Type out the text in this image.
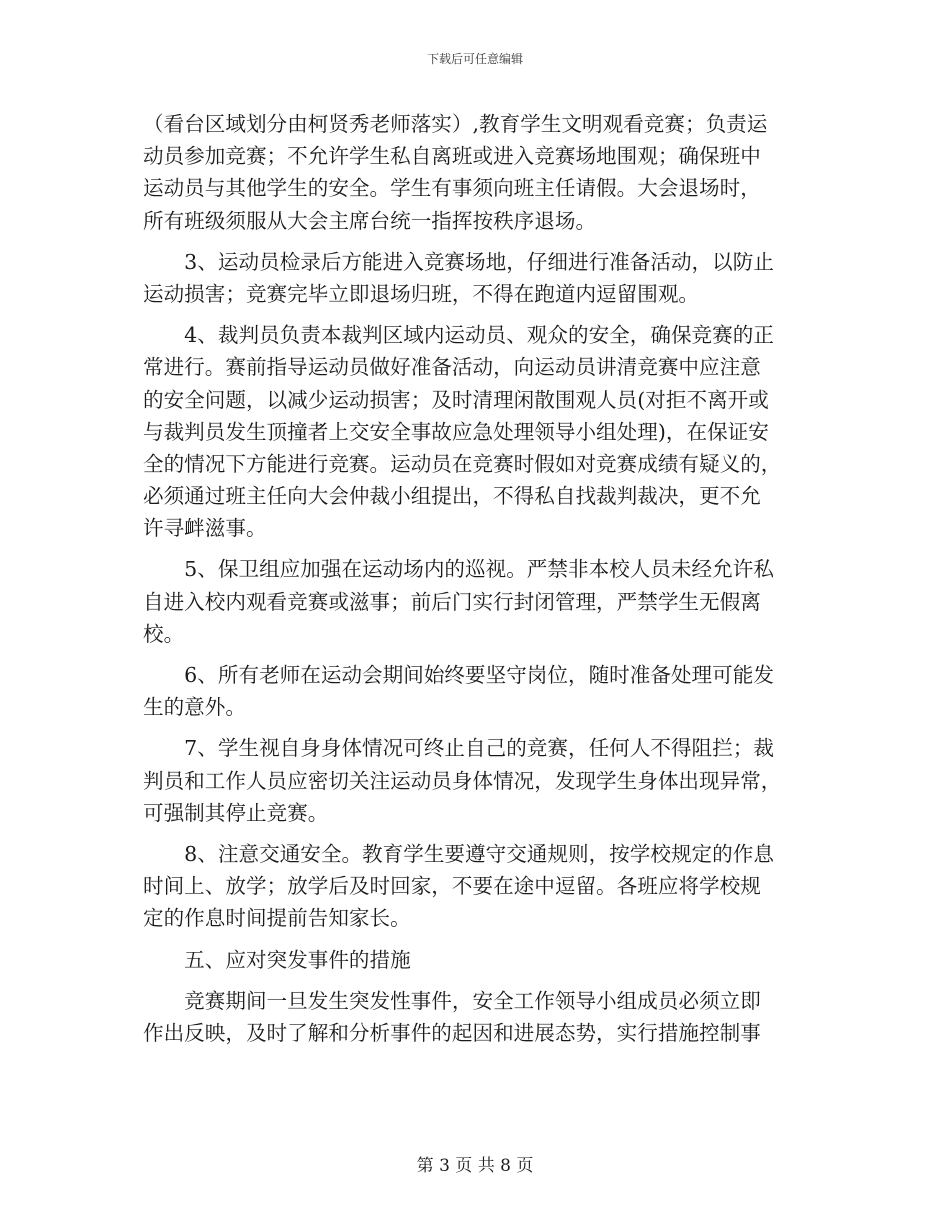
下载后可任意编辑
（看台区域划分由柯贤秀老师落实）,教育学生文明观看竞赛；负责运
动员参加竞赛；不允许学生私自离班或进入竞赛场地围观；确保班中
运动员与其他学生的安全。学生有事须向班主任请假。大会退场时，
所有班级须服从大会主席台统一指挥按秩序退场。
　　3、运动员检录后方能进入竞赛场地，仔细进行准备活动，以防止
运动损害；竞赛完毕立即退场归班，不得在跑道内逗留围观。
　　4、裁判员负责本裁判区域内运动员、观众的安全，确保竞赛的正
常进行。赛前指导运动员做好准备活动，向运动员讲清竞赛中应注意
的安全问题，以减少运动损害；及时清理闲散围观人员(对拒不离开或
与裁判员发生顶撞者上交安全事故应急处理领导小组处理)，在保证安
全的情况下方能进行竞赛。运动员在竞赛时假如对竞赛成绩有疑义的，
必须通过班主任向大会仲裁小组提出，不得私自找裁判裁决，更不允
许寻衅滋事。
　　5、保卫组应加强在运动场内的巡视。严禁非本校人员未经允许私
自进入校内观看竞赛或滋事；前后门实行封闭管理，严禁学生无假离
校。
　　6、所有老师在运动会期间始终要坚守岗位，随时准备处理可能发
生的意外。
　　7、学生视自身身体情况可终止自己的竞赛，任何人不得阻拦；裁
判员和工作人员应密切关注运动员身体情况，发现学生身体出现异常，
可强制其停止竞赛。
　　8、注意交通安全。教育学生要遵守交通规则，按学校规定的作息
时间上、放学；放学后及时回家，不要在途中逗留。各班应将学校规
定的作息时间提前告知家长。
　　五、应对突发事件的措施
　　竞赛期间一旦发生突发性事件，安全工作领导小组成员必须立即
作出反映，及时了解和分析事件的起因和进展态势，实行措施控制事
第 3 页 共 8 页
